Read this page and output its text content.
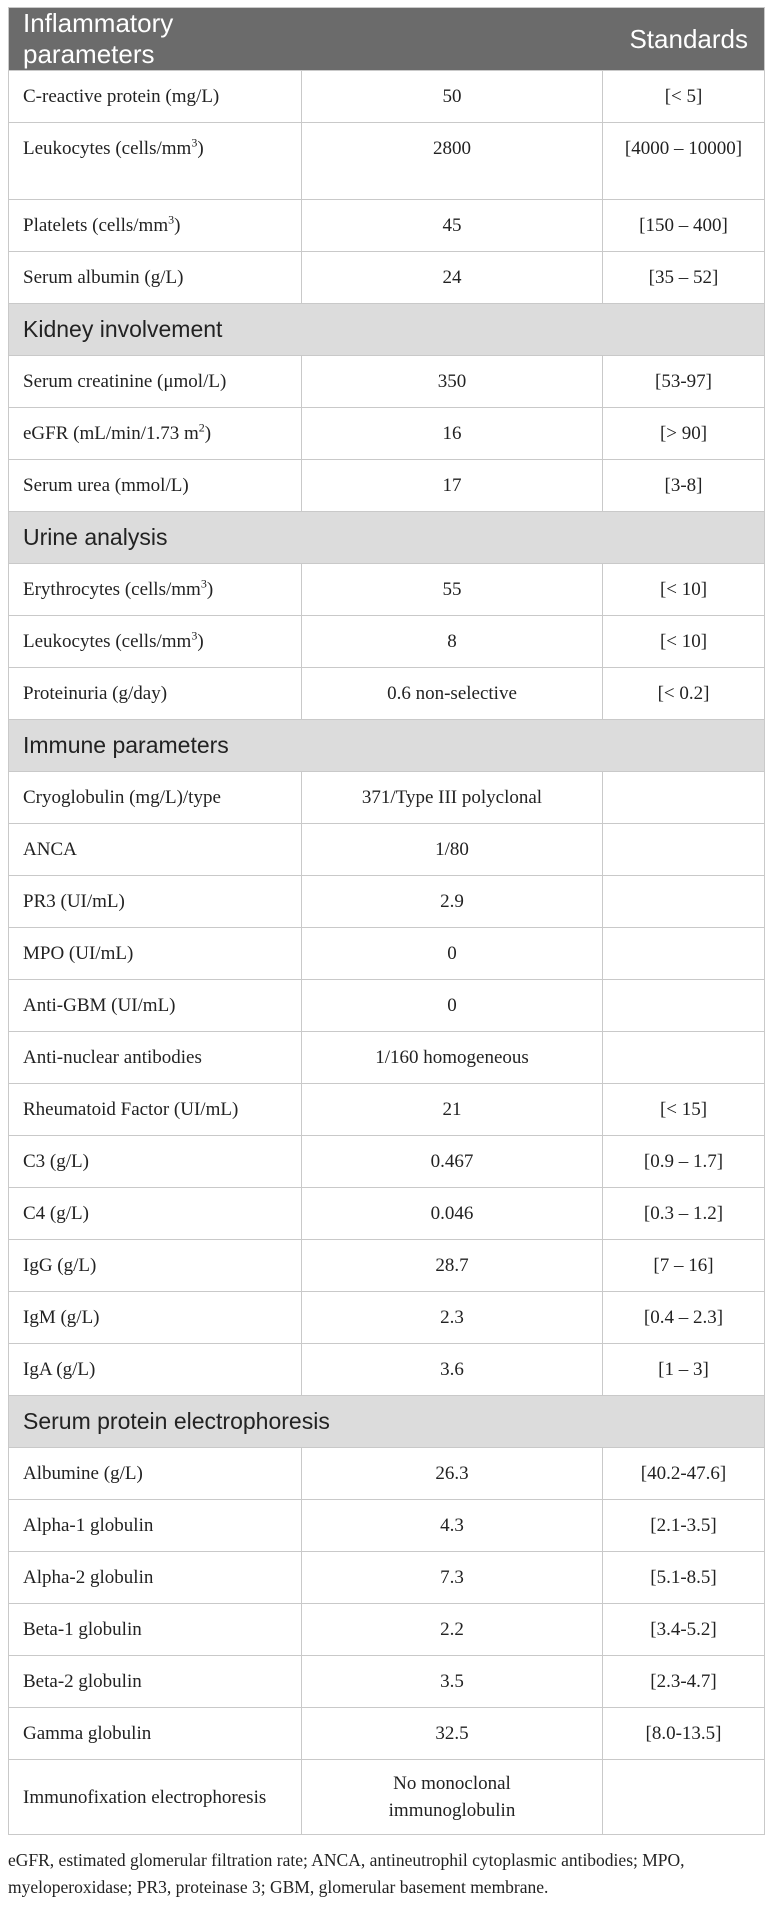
Inflammatory parameters		Standards
C-reactive protein (mg/L)	50	[< 5]
Leukocytes $(cells/mm^3)$	2800	[4000 – 10000]
Platelets $(cells/mm^3)$	45	[150 – 400]
Serum albumin (g/L)	24	[35 – 52]
Kidney involvement		
Serum creatinine (μmol/L)	350	[53-97]
eGFR (mL/min/1.73 $m^2$)	16	[> 90]
Serum urea (mmol/L)	17	[3-8]
Urine analysis		
Erythrocytes $(cells/mm^3)$	55	[< 10]
Leukocytes $(cells/mm^3)$	8	[< 10]
Proteinuria (g/day)	0.6 non-selective	[< 0.2]
Immune parameters		
Cryoglobulin (mg/L)/type	371/Type III polyclonal	
ANCA	1/80	
PR3 (UI/mL)	2.9	
MPO (UI/mL)	0	
Anti-GBM (UI/mL)	0	
Anti-nuclear antibodies	1/160 homogeneous	
Rheumatoid Factor (UI/mL)	21	[< 15]
C3 (g/L)	0.467	[0.9 – 1.7]
C4 (g/L)	0.046	[0.3 – 1.2]
IgG (g/L)	28.7	[7 – 16]
IgM (g/L)	2.3	[0.4 – 2.3]
IgA (g/L)	3.6	[1 – 3]
Serum protein electrophoresis		
Albumine (g/L)	26.3	[40.2-47.6]
Alpha-1 globulin	4.3	[2.1-3.5]
Alpha-2 globulin	7.3	[5.1-8.5]
Beta-1 globulin	2.2	[3.4-5.2]
Beta-2 globulin	3.5	[2.3-4.7]
Gamma globulin	32.5	[8.0-13.5]
Immunofixation electrophoresis	No monoclonal immunoglobulin	
eGFR, estimated glomerular filtration rate; ANCA, antineutrophil cytoplasmic antibodies; MPO, myeloperoxidase; PR3, proteinase 3; GBM, glomerular basement membrane.
